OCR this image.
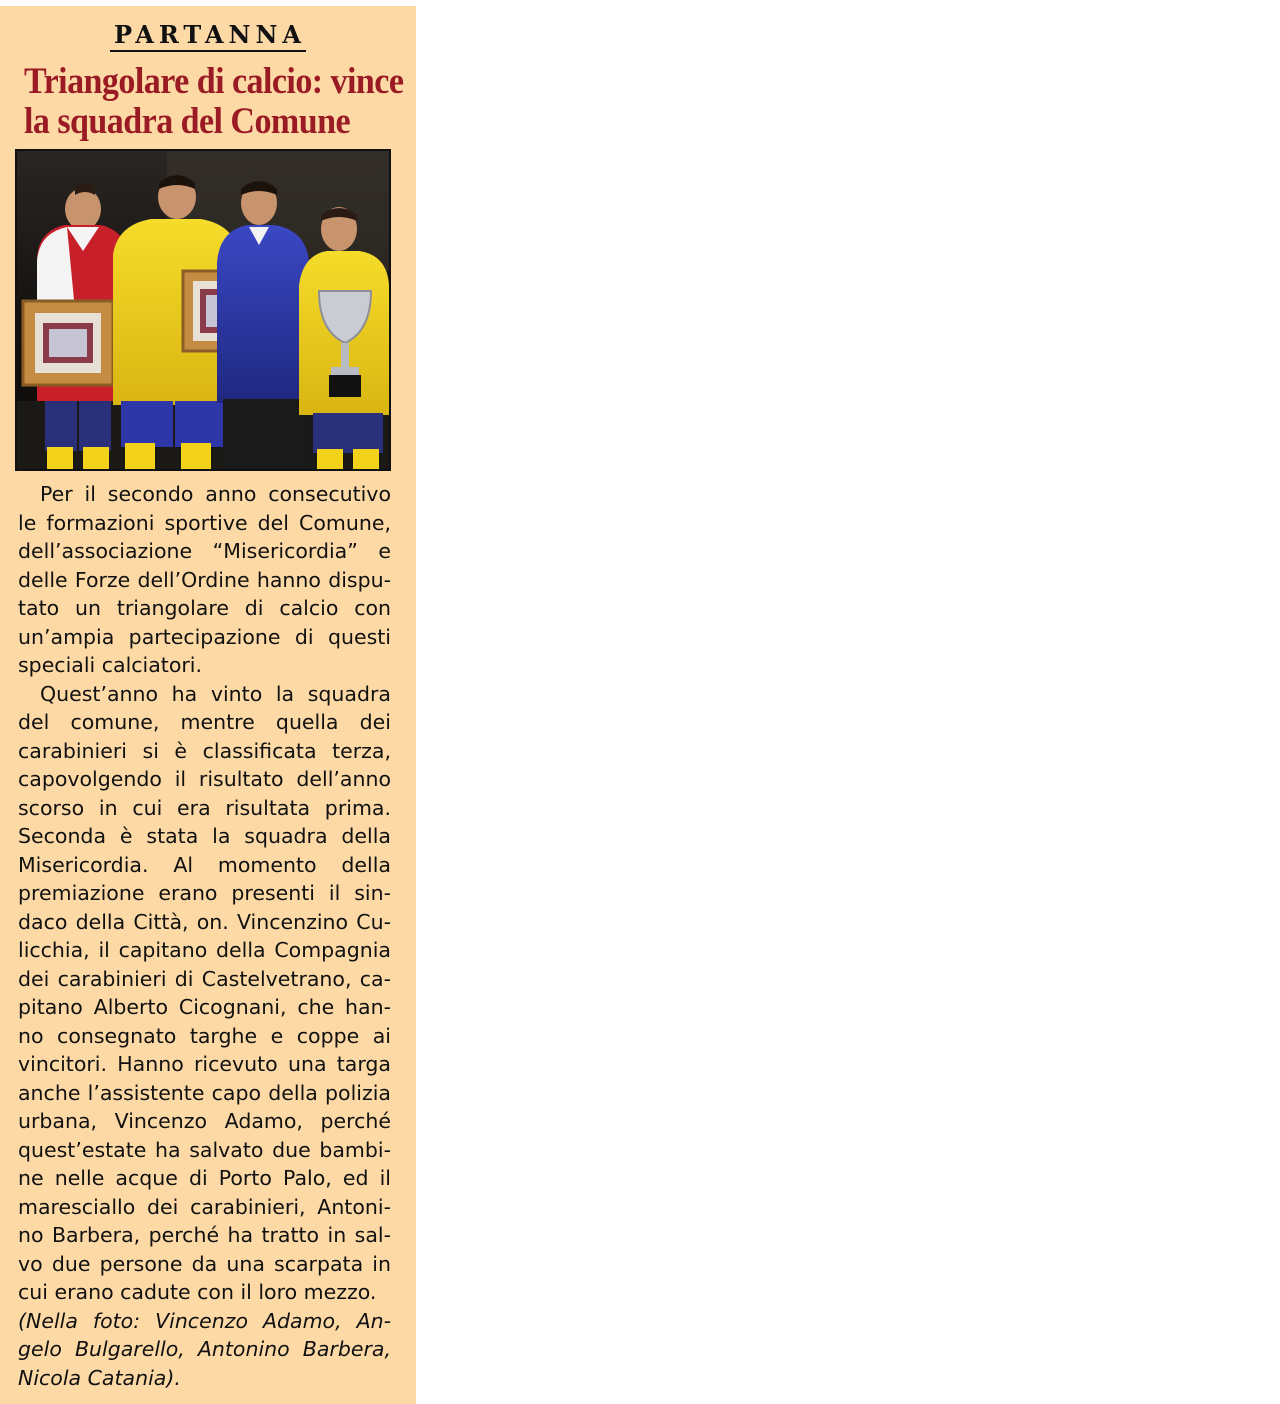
PARTANNA
Triangolare di calcio: vince
la squadra del Comune

Per il secondo anno consecutivo le formazioni sportive del Comune, dell’associazione “Misericordia” e delle Forze dell’Ordine hanno disputato un triangolare di calcio con un’ampia partecipazione di questi speciali calciatori.

Quest’anno ha vinto la squadra del comune, mentre quella dei carabinieri si è classificata terza, capovolgendo il risultato dell’anno scorso in cui era risultata prima. Seconda è stata la squadra della Misericordia. Al momento della premiazione erano presenti il sindaco della Città, on. Vincenzino Culicchia, il capitano della Compagnia dei carabinieri di Castelvetrano, capitano Alberto Cicognani, che hanno consegnato targhe e coppe ai vincitori. Hanno ricevuto una targa anche l’assistente capo della polizia urbana, Vincenzo Adamo, perché quest’estate ha salvato due bambine nelle acque di Porto Palo, ed il maresciallo dei carabinieri, Antonino Barbera, perché ha tratto in salvo due persone da una scarpata in cui erano cadute con il loro mezzo.

(Nella foto: Vincenzo Adamo, Angelo Bulgarello, Antonino Barbera, Nicola Catania).
